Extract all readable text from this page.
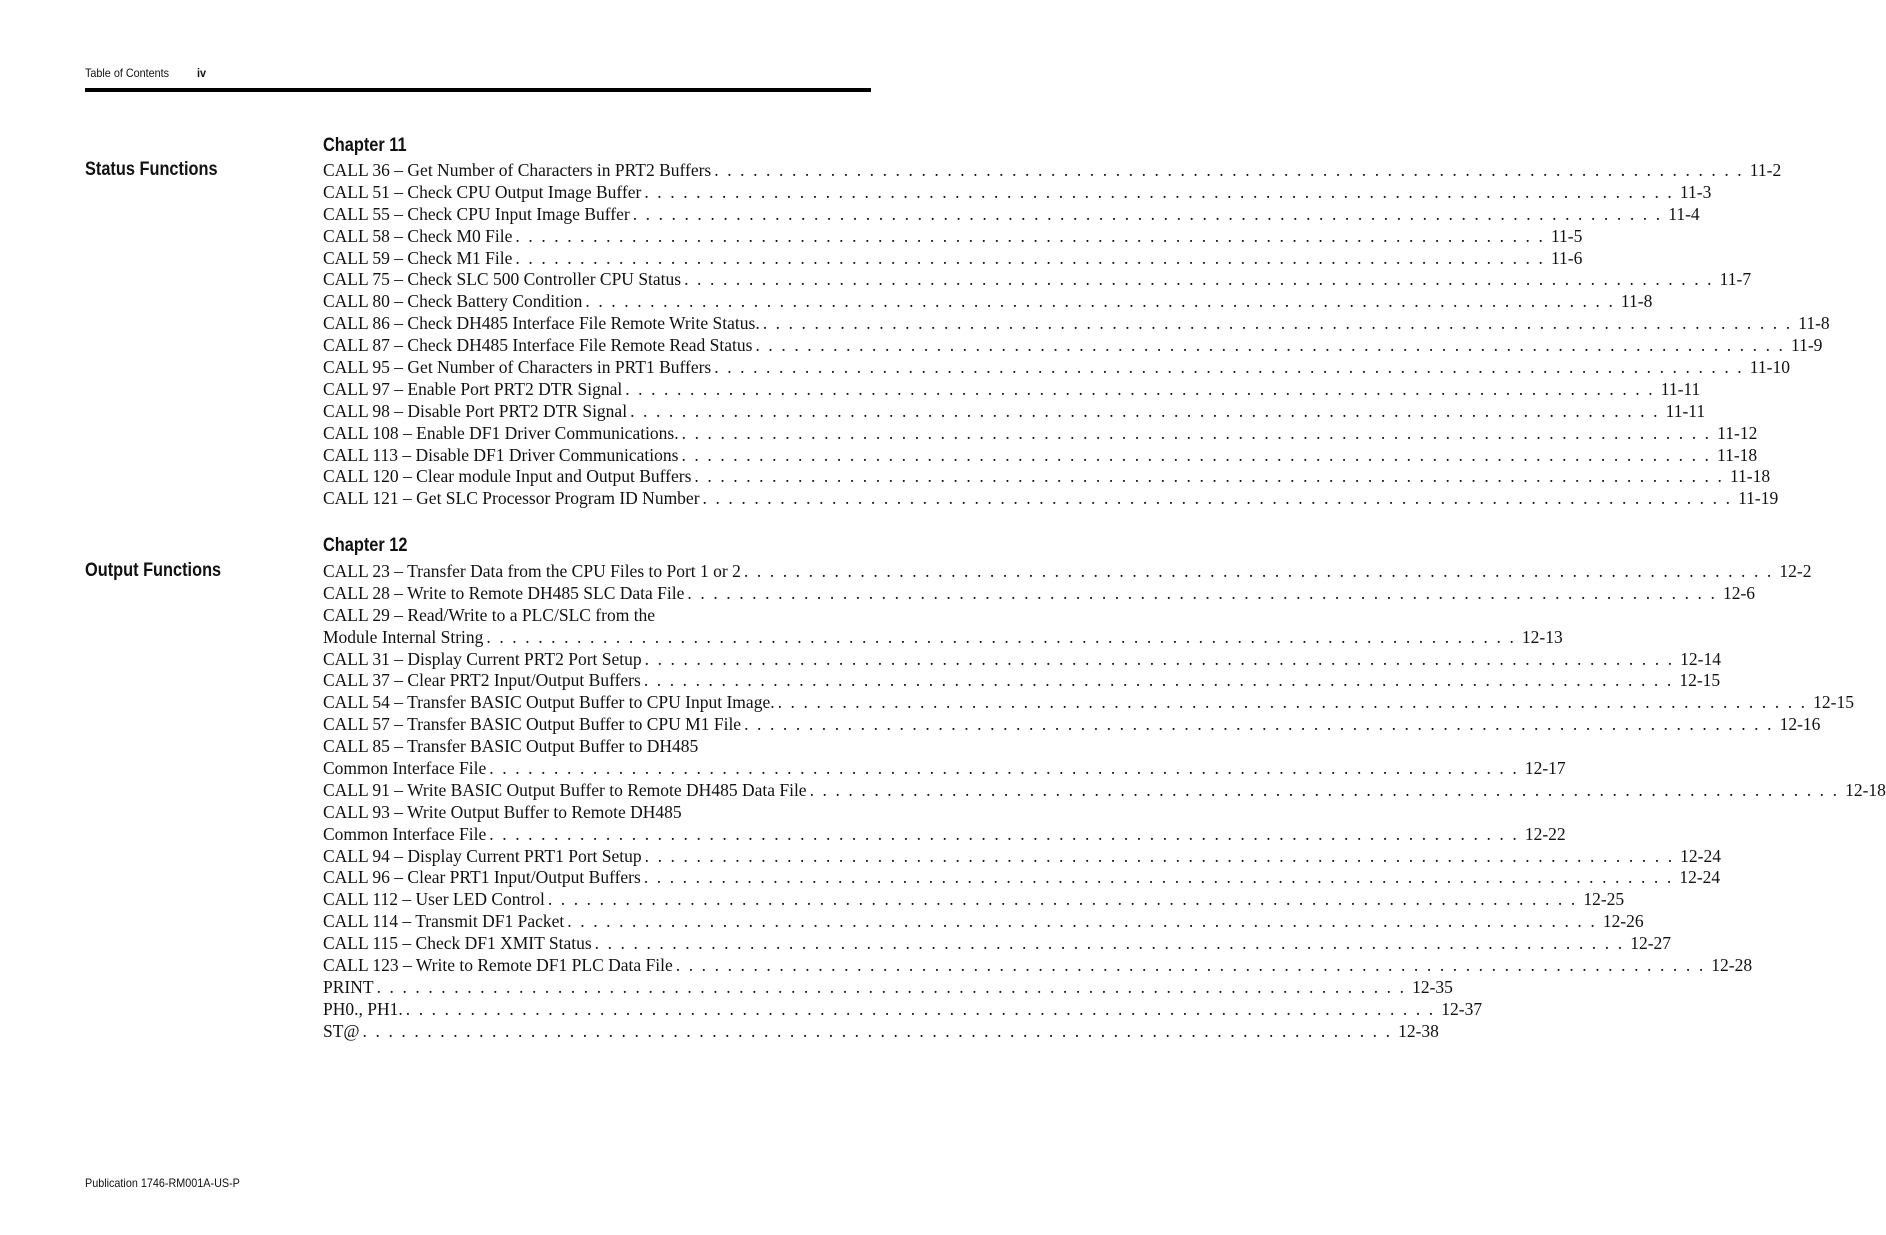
Table of Contents iv
Chapter 11
Status Functions	CALL 36 – Get Number of Characters in PRT2 Buffers . . . . . . . . . . . . . . . . . . . . . . . . . . . . . . . . . . . . . . . . . . . . . . . . . . . . . . . . . . . . . . . . . . . . . . . . . . . . . . . . 11-2
CALL 51 – Check CPU Output Image Buffer . . . . . . . . . . . . . . . . . . . . . . . . . . . . . . . . . . . . . . . . . . . . . . . . . . . . . . . . . . . . . . . . . . . . . . . . . . . . . . . . 11-3
CALL 55 – Check CPU Input Image Buffer . . . . . . . . . . . . . . . . . . . . . . . . . . . . . . . . . . . . . . . . . . . . . . . . . . . . . . . . . . . . . . . . . . . . . . . . . . . . . . . . 11-4
CALL 58 – Check M0 File . . . . . . . . . . . . . . . . . . . . . . . . . . . . . . . . . . . . . . . . . . . . . . . . . . . . . . . . . . . . . . . . . . . . . . . . . . . . . . . . 11-5
CALL 59 – Check M1 File . . . . . . . . . . . . . . . . . . . . . . . . . . . . . . . . . . . . . . . . . . . . . . . . . . . . . . . . . . . . . . . . . . . . . . . . . . . . . . . . 11-6
CALL 75 – Check SLC 500 Controller CPU Status . . . . . . . . . . . . . . . . . . . . . . . . . . . . . . . . . . . . . . . . . . . . . . . . . . . . . . . . . . . . . . . . . . . . . . . . . . . . . . . . 11-7
CALL 80 – Check Battery Condition . . . . . . . . . . . . . . . . . . . . . . . . . . . . . . . . . . . . . . . . . . . . . . . . . . . . . . . . . . . . . . . . . . . . . . . . . . . . . . . . 11-8
CALL 86 – Check DH485 Interface File Remote Write Status. . . . . . . . . . . . . . . . . . . . . . . . . . . . . . . . . . . . . . . . . . . . . . . . . . . . . . . . . . . . . . . . . . . . . . . . . . . . . . . . . 11-8
CALL 87 – Check DH485 Interface File Remote Read Status . . . . . . . . . . . . . . . . . . . . . . . . . . . . . . . . . . . . . . . . . . . . . . . . . . . . . . . . . . . . . . . . . . . . . . . . . . . . . . . . 11-9
CALL 95 – Get Number of Characters in PRT1 Buffers . . . . . . . . . . . . . . . . . . . . . . . . . . . . . . . . . . . . . . . . . . . . . . . . . . . . . . . . . . . . . . . . . . . . . . . . . . . . . . . . 11-10
CALL 97 – Enable Port PRT2 DTR Signal . . . . . . . . . . . . . . . . . . . . . . . . . . . . . . . . . . . . . . . . . . . . . . . . . . . . . . . . . . . . . . . . . . . . . . . . . . . . . . . . 11-11
CALL 98 – Disable Port PRT2 DTR Signal . . . . . . . . . . . . . . . . . . . . . . . . . . . . . . . . . . . . . . . . . . . . . . . . . . . . . . . . . . . . . . . . . . . . . . . . . . . . . . . . 11-11
CALL 108 – Enable DF1 Driver Communications. . . . . . . . . . . . . . . . . . . . . . . . . . . . . . . . . . . . . . . . . . . . . . . . . . . . . . . . . . . . . . . . . . . . . . . . . . . . . . . . . 11-12
CALL 113 – Disable DF1 Driver Communications . . . . . . . . . . . . . . . . . . . . . . . . . . . . . . . . . . . . . . . . . . . . . . . . . . . . . . . . . . . . . . . . . . . . . . . . . . . . . . . . 11-18
CALL 120 – Clear module Input and Output Buffers . . . . . . . . . . . . . . . . . . . . . . . . . . . . . . . . . . . . . . . . . . . . . . . . . . . . . . . . . . . . . . . . . . . . . . . . . . . . . . . . 11-18
CALL 121 – Get SLC Processor Program ID Number . . . . . . . . . . . . . . . . . . . . . . . . . . . . . . . . . . . . . . . . . . . . . . . . . . . . . . . . . . . . . . . . . . . . . . . . . . . . . . . . 11-19
Chapter 12
Output Functions	CALL 23 – Transfer Data from the CPU Files to Port 1 or 2 . . . . . . . . . . . . . . . . . . . . . . . . . . . . . . . . . . . . . . . . . . . . . . . . . . . . . . . . . . . . . . . . . . . . . . . . . . . . . . . . 12-2
CALL 28 – Write to Remote DH485 SLC Data File . . . . . . . . . . . . . . . . . . . . . . . . . . . . . . . . . . . . . . . . . . . . . . . . . . . . . . . . . . . . . . . . . . . . . . . . . . . . . . . . 12-6
CALL 29 – Read/Write to a PLC/SLC from the
Module Internal String . . . . . . . . . . . . . . . . . . . . . . . . . . . . . . . . . . . . . . . . . . . . . . . . . . . . . . . . . . . . . . . . . . . . . . . . . . . . . . . . 12-13
CALL 31 – Display Current PRT2 Port Setup . . . . . . . . . . . . . . . . . . . . . . . . . . . . . . . . . . . . . . . . . . . . . . . . . . . . . . . . . . . . . . . . . . . . . . . . . . . . . . . . 12-14
CALL 37 – Clear PRT2 Input/Output Buffers . . . . . . . . . . . . . . . . . . . . . . . . . . . . . . . . . . . . . . . . . . . . . . . . . . . . . . . . . . . . . . . . . . . . . . . . . . . . . . . . 12-15
CALL 54 – Transfer BASIC Output Buffer to CPU Input Image. . . . . . . . . . . . . . . . . . . . . . . . . . . . . . . . . . . . . . . . . . . . . . . . . . . . . . . . . . . . . . . . . . . . . . . . . . . . . . . . . 12-15
CALL 57 – Transfer BASIC Output Buffer to CPU M1 File . . . . . . . . . . . . . . . . . . . . . . . . . . . . . . . . . . . . . . . . . . . . . . . . . . . . . . . . . . . . . . . . . . . . . . . . . . . . . . . . 12-16
CALL 85 – Transfer BASIC Output Buffer to DH485
Common Interface File . . . . . . . . . . . . . . . . . . . . . . . . . . . . . . . . . . . . . . . . . . . . . . . . . . . . . . . . . . . . . . . . . . . . . . . . . . . . . . . . 12-17
CALL 91 – Write BASIC Output Buffer to Remote DH485 Data File . . . . . . . . . . . . . . . . . . . . . . . . . . . . . . . . . . . . . . . . . . . . . . . . . . . . . . . . . . . . . . . . . . . . . . . . . . . . . . . . 12-18
CALL 93 – Write Output Buffer to Remote DH485
Common Interface File . . . . . . . . . . . . . . . . . . . . . . . . . . . . . . . . . . . . . . . . . . . . . . . . . . . . . . . . . . . . . . . . . . . . . . . . . . . . . . . . 12-22
CALL 94 – Display Current PRT1 Port Setup . . . . . . . . . . . . . . . . . . . . . . . . . . . . . . . . . . . . . . . . . . . . . . . . . . . . . . . . . . . . . . . . . . . . . . . . . . . . . . . . 12-24
CALL 96 – Clear PRT1 Input/Output Buffers . . . . . . . . . . . . . . . . . . . . . . . . . . . . . . . . . . . . . . . . . . . . . . . . . . . . . . . . . . . . . . . . . . . . . . . . . . . . . . . . 12-24
CALL 112 – User LED Control . . . . . . . . . . . . . . . . . . . . . . . . . . . . . . . . . . . . . . . . . . . . . . . . . . . . . . . . . . . . . . . . . . . . . . . . . . . . . . . . 12-25
CALL 114 – Transmit DF1 Packet . . . . . . . . . . . . . . . . . . . . . . . . . . . . . . . . . . . . . . . . . . . . . . . . . . . . . . . . . . . . . . . . . . . . . . . . . . . . . . . . 12-26
CALL 115 – Check DF1 XMIT Status . . . . . . . . . . . . . . . . . . . . . . . . . . . . . . . . . . . . . . . . . . . . . . . . . . . . . . . . . . . . . . . . . . . . . . . . . . . . . . . . 12-27
CALL 123 – Write to Remote DF1 PLC Data File . . . . . . . . . . . . . . . . . . . . . . . . . . . . . . . . . . . . . . . . . . . . . . . . . . . . . . . . . . . . . . . . . . . . . . . . . . . . . . . . 12-28
PRINT . . . . . . . . . . . . . . . . . . . . . . . . . . . . . . . . . . . . . . . . . . . . . . . . . . . . . . . . . . . . . . . . . . . . . . . . . . . . . . . . 12-35
PH0., PH1. . . . . . . . . . . . . . . . . . . . . . . . . . . . . . . . . . . . . . . . . . . . . . . . . . . . . . . . . . . . . . . . . . . . . . . . . . . . . . . . . 12-37
ST@ . . . . . . . . . . . . . . . . . . . . . . . . . . . . . . . . . . . . . . . . . . . . . . . . . . . . . . . . . . . . . . . . . . . . . . . . . . . . . . . . 12-38
Publication 1746-RM001A-US-P
